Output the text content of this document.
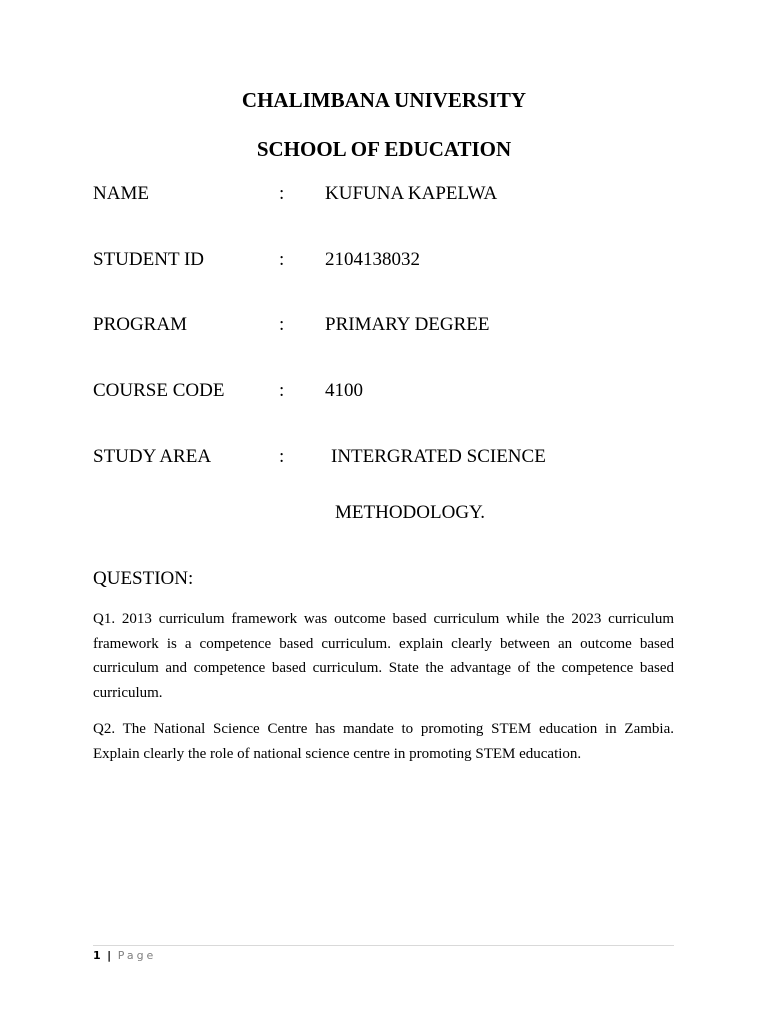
CHALIMBANA UNIVERSITY
SCHOOL OF EDUCATION
NAME	: KUFUNA KAPELWA
STUDENT ID	: 2104138032
PROGRAM	: PRIMARY DEGREE
COURSE CODE	: 4100
STUDY AREA	: INTERGRATED SCIENCE
METHODOLOGY.
QUESTION:

Q1. 2013 curriculum framework was outcome based curriculum while the 2023 curriculum framework is a competence based curriculum. explain clearly between an outcome based curriculum and competence based curriculum. State the advantage of the competence based curriculum.

Q2. The National Science Centre has mandate to promoting STEM education in Zambia. Explain clearly the role of national science centre in promoting STEM education.

1 | Page
